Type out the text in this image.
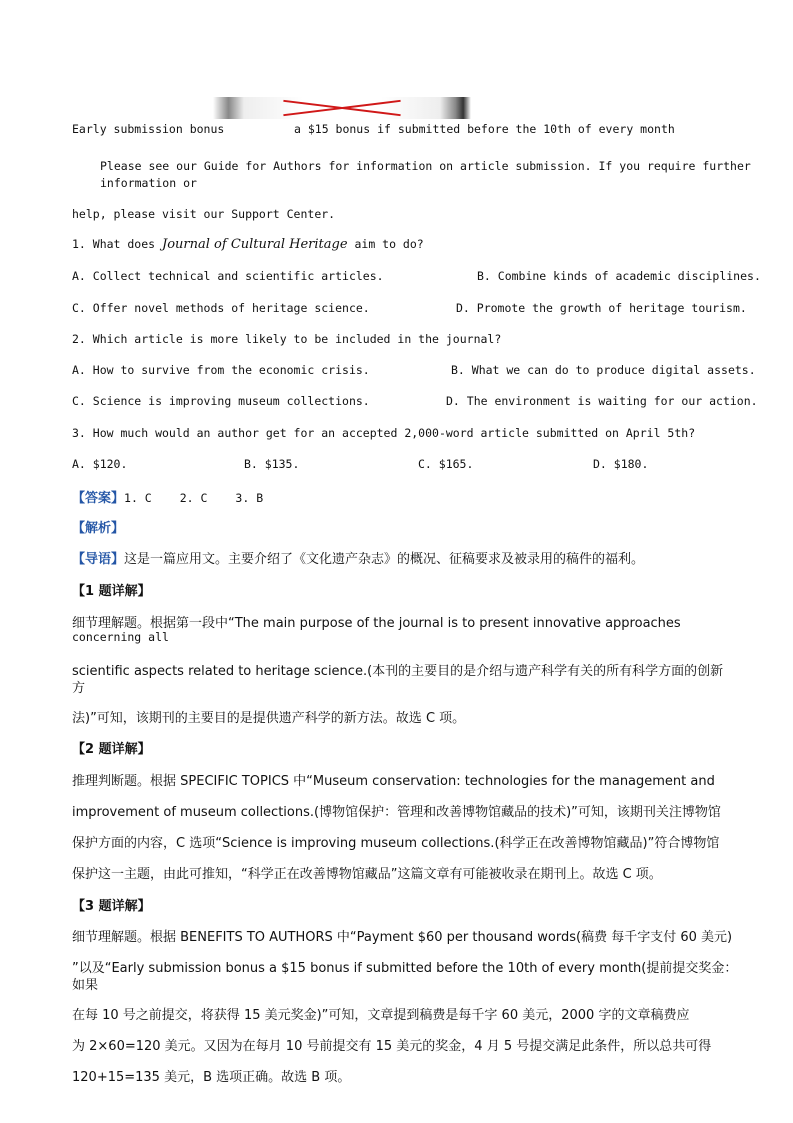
Early submission bonus	a $15 bonus if submitted before the 10th of every month
Please see our Guide for Authors for information on article submission. If you require further
information or
help, please visit our Support Center.
1. What does Journal of Cultural Heritage aim to do?
A. Collect technical and scientific articles.	B. Combine kinds of academic disciplines.
C. Offer novel methods of heritage science.	D. Promote the growth of heritage tourism.
2. Which article is more likely to be included in the journal?
A. How to survive from the economic crisis.	B. What we can do to produce digital assets.
C. Science is improving museum collections.	D. The environment is waiting for our action.
3. How much would an author get for an accepted 2,000-word article submitted on April 5th?
A. $120.	B. $135.	C. $165.	D. $180.
【答案】1. C 2. C 3. B
【解析】
【导语】这是一篇应用文。主要介绍了《文化遗产杂志》的概况、征稿要求及被录用的稿件的福利。
【1 题详解】
细节理解题。根据第一段中“The main purpose of the journal is to present innovative approaches
concerning all
scientific aspects related to heritage science.(本刊的主要目的是介绍与遗产科学有关的所有科学方面的创新
方
法)”可知，该期刊的主要目的是提供遗产科学的新方法。故选 C 项。
【2 题详解】
推理判断题。根据 SPECIFIC TOPICS 中“Museum conservation: technologies for the management and
improvement of museum collections.(博物馆保护：管理和改善博物馆藏品的技术)”可知，该期刊关注博物馆
保护方面的内容，C 选项“Science is improving museum collections.(科学正在改善博物馆藏品)”符合博物馆
保护这一主题，由此可推知，“科学正在改善博物馆藏品”这篇文章有可能被收录在期刊上。故选 C 项。
【3 题详解】
细节理解题。根据 BENEFITS TO AUTHORS 中“Payment $60 per thousand words(稿费 每千字支付 60 美元)
”以及“Early submission bonus a $15 bonus if submitted before the 10th of every month(提前提交奖金：
如果
在每 10 号之前提交，将获得 15 美元奖金)”可知，文章提到稿费是每千字 60 美元，2000 字的文章稿费应
为 2×60=120 美元。又因为在每月 10 号前提交有 15 美元的奖金，4 月 5 号提交满足此条件，所以总共可得
120+15=135 美元，B 选项正确。故选 B 项。
